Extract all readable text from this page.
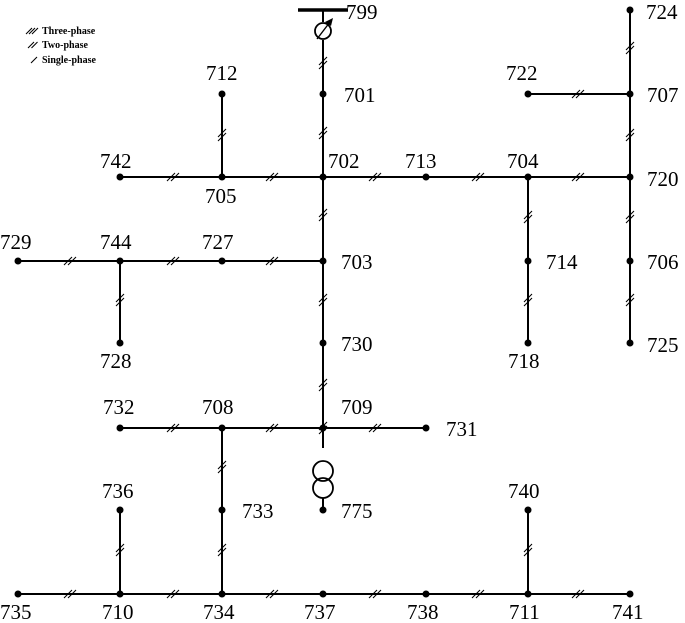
Three-phase
Two-phase
Single-phase
799
701
724
722
707
712
742
705
702 713	704
720
729	744	727
703	714	706
728
730
718
725
732	708	709
731
736
733	775
740
735	710	734	737	738	711	741
